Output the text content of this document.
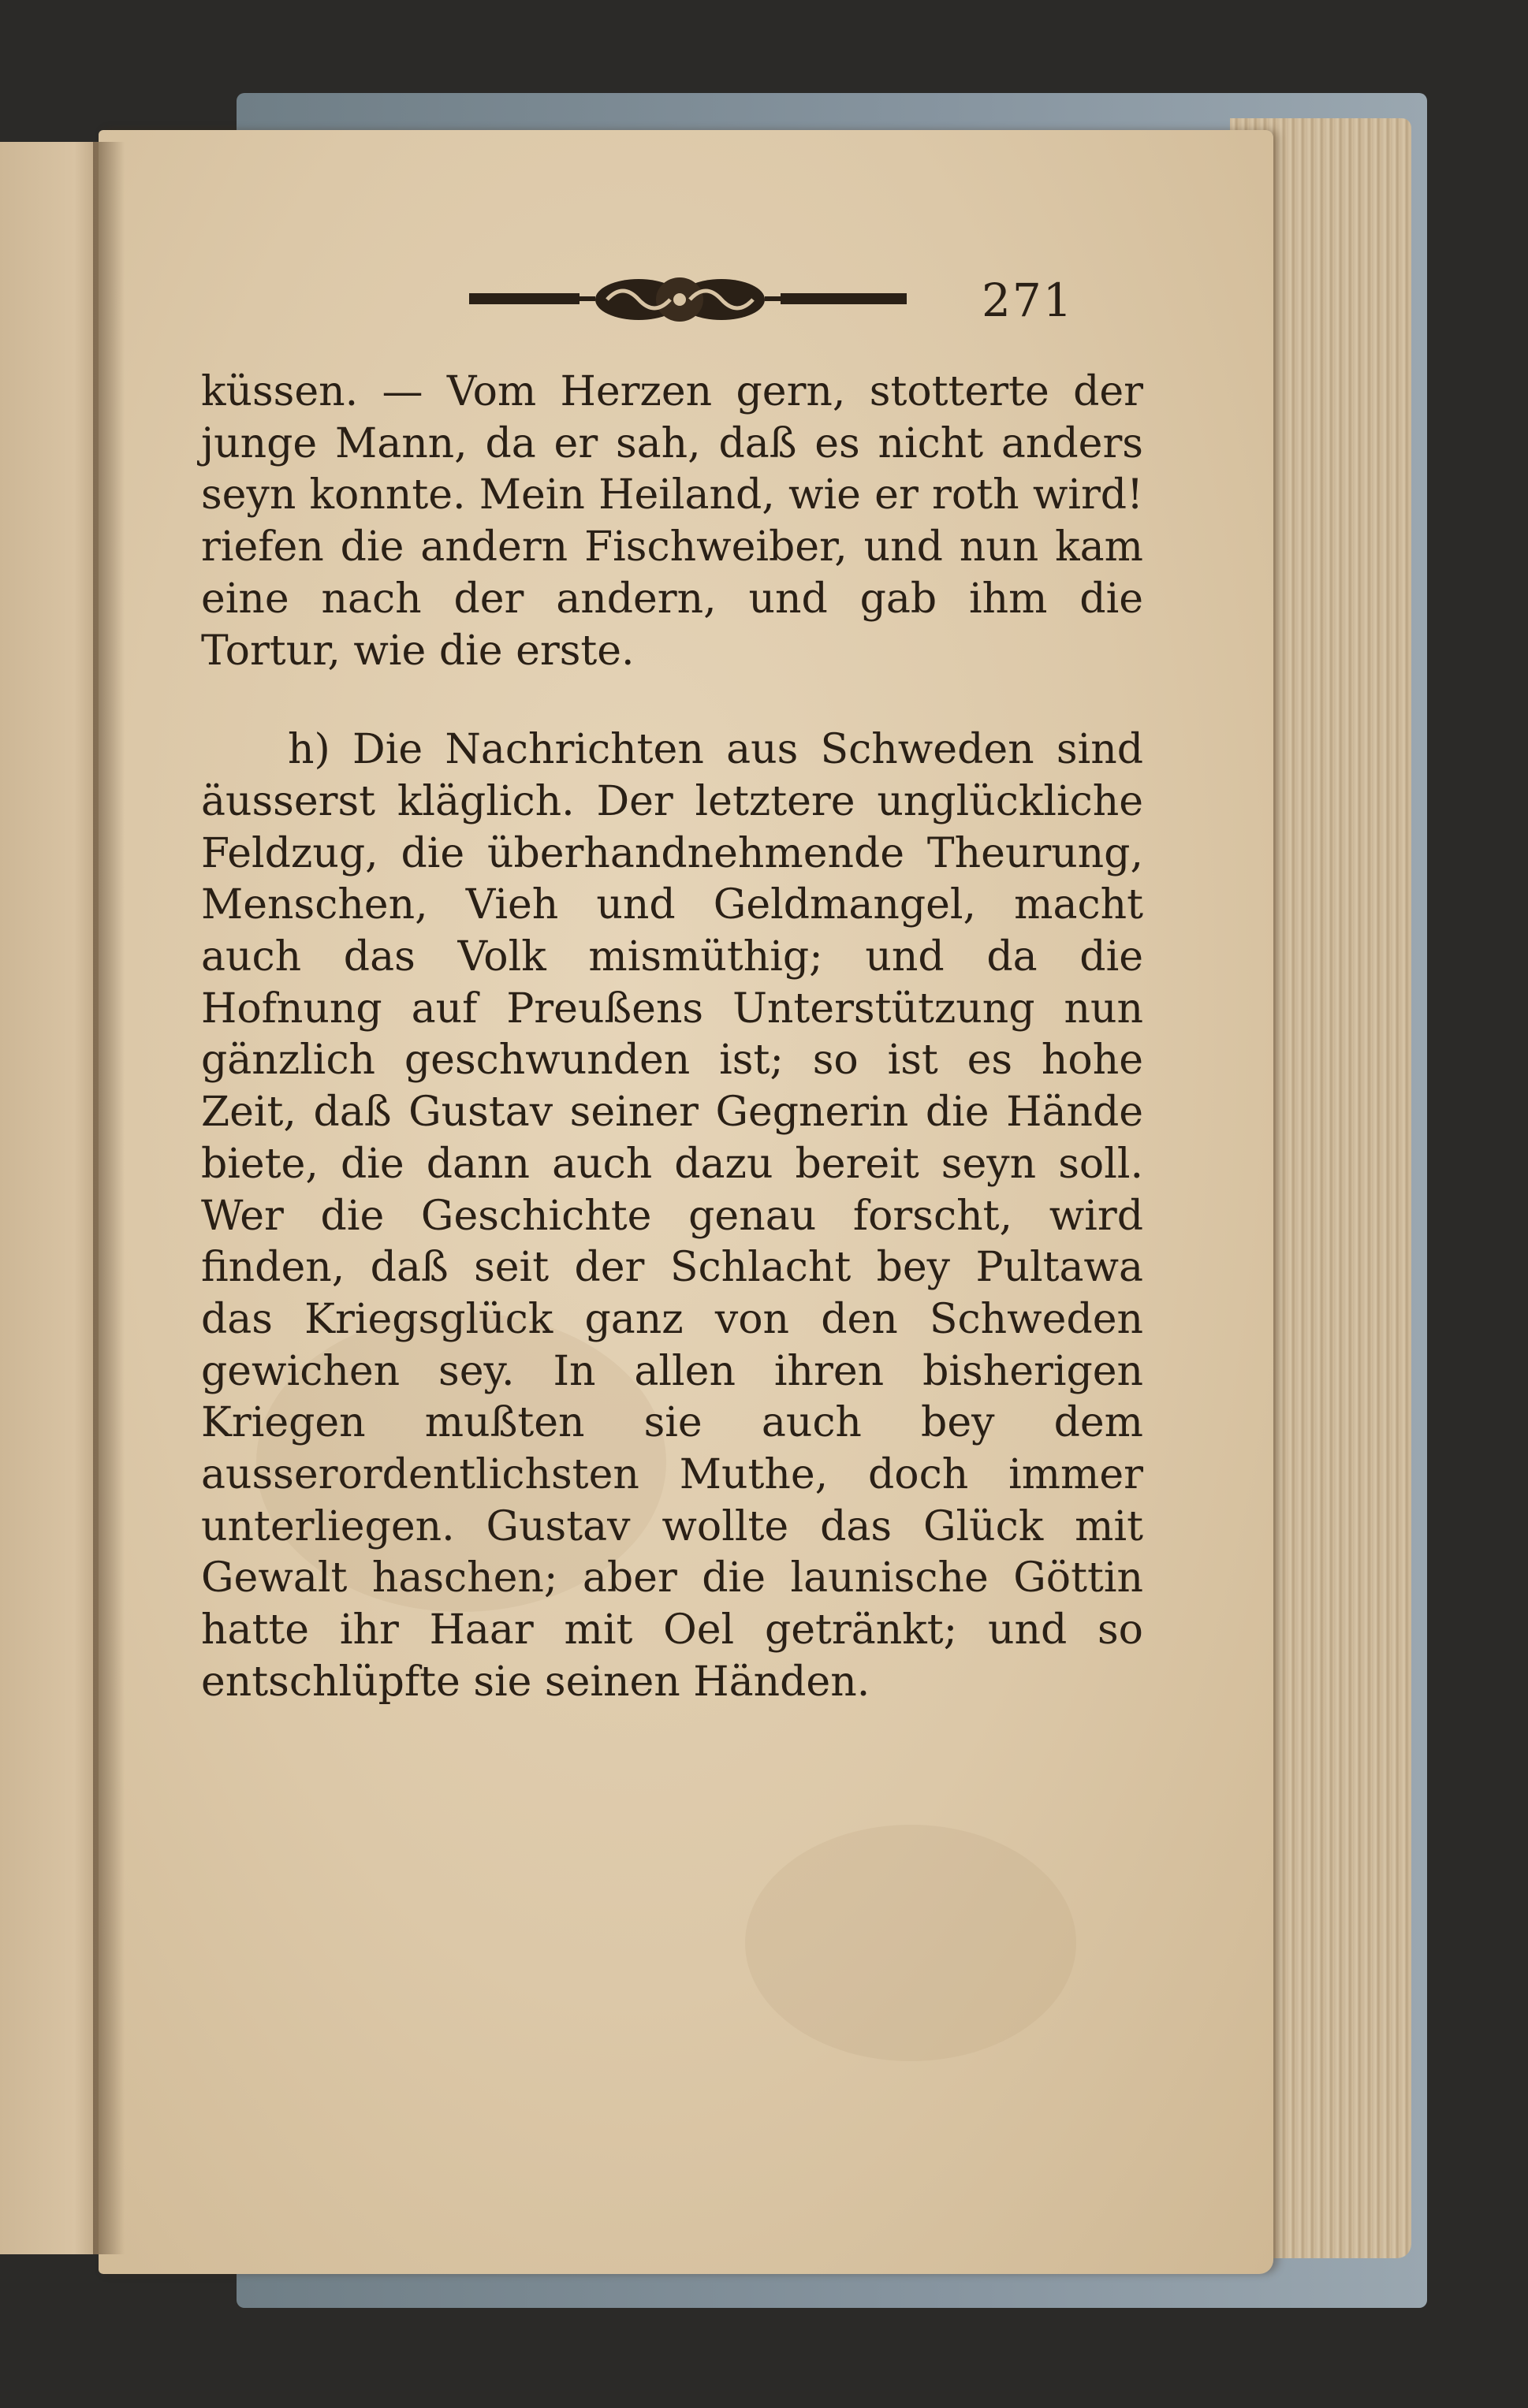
271

küssen. — Vom Herzen gern, stotterte der junge Mann, da er sah, daß es nicht anders seyn konnte. Mein Heiland, wie er roth wird! riefen die andern Fischweiber, und nun kam eine nach der andern, und gab ihm die Tortur, wie die erste.

h) Die Nachrichten aus Schweden sind äusserst kläglich. Der letztere unglückliche Feldzug, die überhandnehmende Theurung, Menschen, Vieh und Geldmangel, macht auch das Volk mismüthig; und da die Hofnung auf Preußens Unterstützung nun gänzlich geschwunden ist; so ist es hohe Zeit, daß Gustav seiner Gegnerin die Hände biete, die dann auch dazu bereit seyn soll. Wer die Geschichte genau forscht, wird finden, daß seit der Schlacht bey Pultawa das Kriegsglück ganz von den Schweden gewichen sey. In allen ihren bisherigen Kriegen mußten sie auch bey dem ausserordentlichsten Muthe, doch immer unterliegen. Gustav wollte das Glück mit Gewalt haschen; aber die launische Göttin hatte ihr Haar mit Oel getränkt; und so entschlüpfte sie seinen Händen.
